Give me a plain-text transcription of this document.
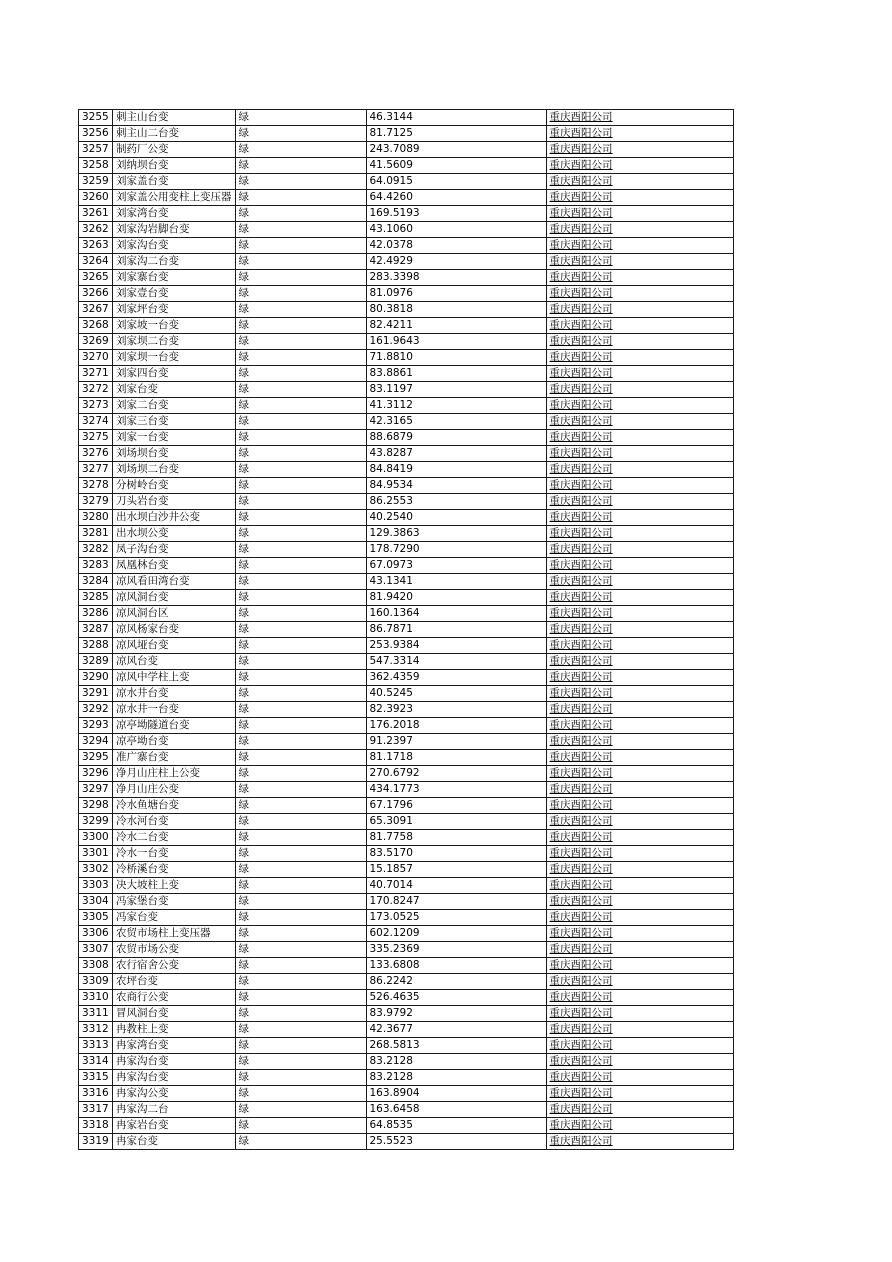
3255	刺主山台变	绿	46.3144	重庆酉阳公司
3256	刺主山二台变	绿	81.7125	重庆酉阳公司
3257	制药厂公变	绿	243.7089	重庆酉阳公司
3258	刘纳坝台变	绿	41.5609	重庆酉阳公司
3259	刘家盖台变	绿	64.0915	重庆酉阳公司
3260	刘家盖公用变柱上变压器	绿	64.4260	重庆酉阳公司
3261	刘家湾台变	绿	169.5193	重庆酉阳公司
3262	刘家沟岩脚台变	绿	43.1060	重庆酉阳公司
3263	刘家沟台变	绿	42.0378	重庆酉阳公司
3264	刘家沟二台变	绿	42.4929	重庆酉阳公司
3265	刘家寨台变	绿	283.3398	重庆酉阳公司
3266	刘家壹台变	绿	81.0976	重庆酉阳公司
3267	刘家坪台变	绿	80.3818	重庆酉阳公司
3268	刘家坡一台变	绿	82.4211	重庆酉阳公司
3269	刘家坝二台变	绿	161.9643	重庆酉阳公司
3270	刘家坝一台变	绿	71.8810	重庆酉阳公司
3271	刘家四台变	绿	83.8861	重庆酉阳公司
3272	刘家台变	绿	83.1197	重庆酉阳公司
3273	刘家二台变	绿	41.3112	重庆酉阳公司
3274	刘家三台变	绿	42.3165	重庆酉阳公司
3275	刘家一台变	绿	88.6879	重庆酉阳公司
3276	刘场坝台变	绿	43.8287	重庆酉阳公司
3277	刘场坝二台变	绿	84.8419	重庆酉阳公司
3278	分树岭台变	绿	84.9534	重庆酉阳公司
3279	刀头岩台变	绿	86.2553	重庆酉阳公司
3280	出水坝白沙井公变	绿	40.2540	重庆酉阳公司
3281	出水坝公变	绿	129.3863	重庆酉阳公司
3282	凤子沟台变	绿	178.7290	重庆酉阳公司
3283	凤凰林台变	绿	67.0973	重庆酉阳公司
3284	凉风看田湾台变	绿	43.1341	重庆酉阳公司
3285	凉风洞台变	绿	81.9420	重庆酉阳公司
3286	凉风洞台区	绿	160.1364	重庆酉阳公司
3287	凉风杨家台变	绿	86.7871	重庆酉阳公司
3288	凉风垭台变	绿	253.9384	重庆酉阳公司
3289	凉风台变	绿	547.3314	重庆酉阳公司
3290	凉风中学柱上变	绿	362.4359	重庆酉阳公司
3291	凉水井台变	绿	40.5245	重庆酉阳公司
3292	凉水井一台变	绿	82.3923	重庆酉阳公司
3293	凉亭坳隧道台变	绿	176.2018	重庆酉阳公司
3294	凉亭坳台变	绿	91.2397	重庆酉阳公司
3295	准广寨台变	绿	81.1718	重庆酉阳公司
3296	净月山庄柱上公变	绿	270.6792	重庆酉阳公司
3297	净月山庄公变	绿	434.1773	重庆酉阳公司
3298	冷水鱼塘台变	绿	67.1796	重庆酉阳公司
3299	冷水河台变	绿	65.3091	重庆酉阳公司
3300	冷水二台变	绿	81.7758	重庆酉阳公司
3301	冷水一台变	绿	83.5170	重庆酉阳公司
3302	冷桥溪台变	绿	15.1857	重庆酉阳公司
3303	决大坡柱上变	绿	40.7014	重庆酉阳公司
3304	冯家堡台变	绿	170.8247	重庆酉阳公司
3305	冯家台变	绿	173.0525	重庆酉阳公司
3306	农贸市场柱上变压器	绿	602.1209	重庆酉阳公司
3307	农贸市场公变	绿	335.2369	重庆酉阳公司
3308	农行宿舍公变	绿	133.6808	重庆酉阳公司
3309	农坪台变	绿	86.2242	重庆酉阳公司
3310	农商行公变	绿	526.4635	重庆酉阳公司
3311	冒风洞台变	绿	83.9792	重庆酉阳公司
3312	冉教柱上变	绿	42.3677	重庆酉阳公司
3313	冉家湾台变	绿	268.5813	重庆酉阳公司
3314	冉家沟台变	绿	83.2128	重庆酉阳公司
3315	冉家沟台变	绿	83.2128	重庆酉阳公司
3316	冉家沟公变	绿	163.8904	重庆酉阳公司
3317	冉家沟二台	绿	163.6458	重庆酉阳公司
3318	冉家岩台变	绿	64.8535	重庆酉阳公司
3319	冉家台变	绿	25.5523	重庆酉阳公司
